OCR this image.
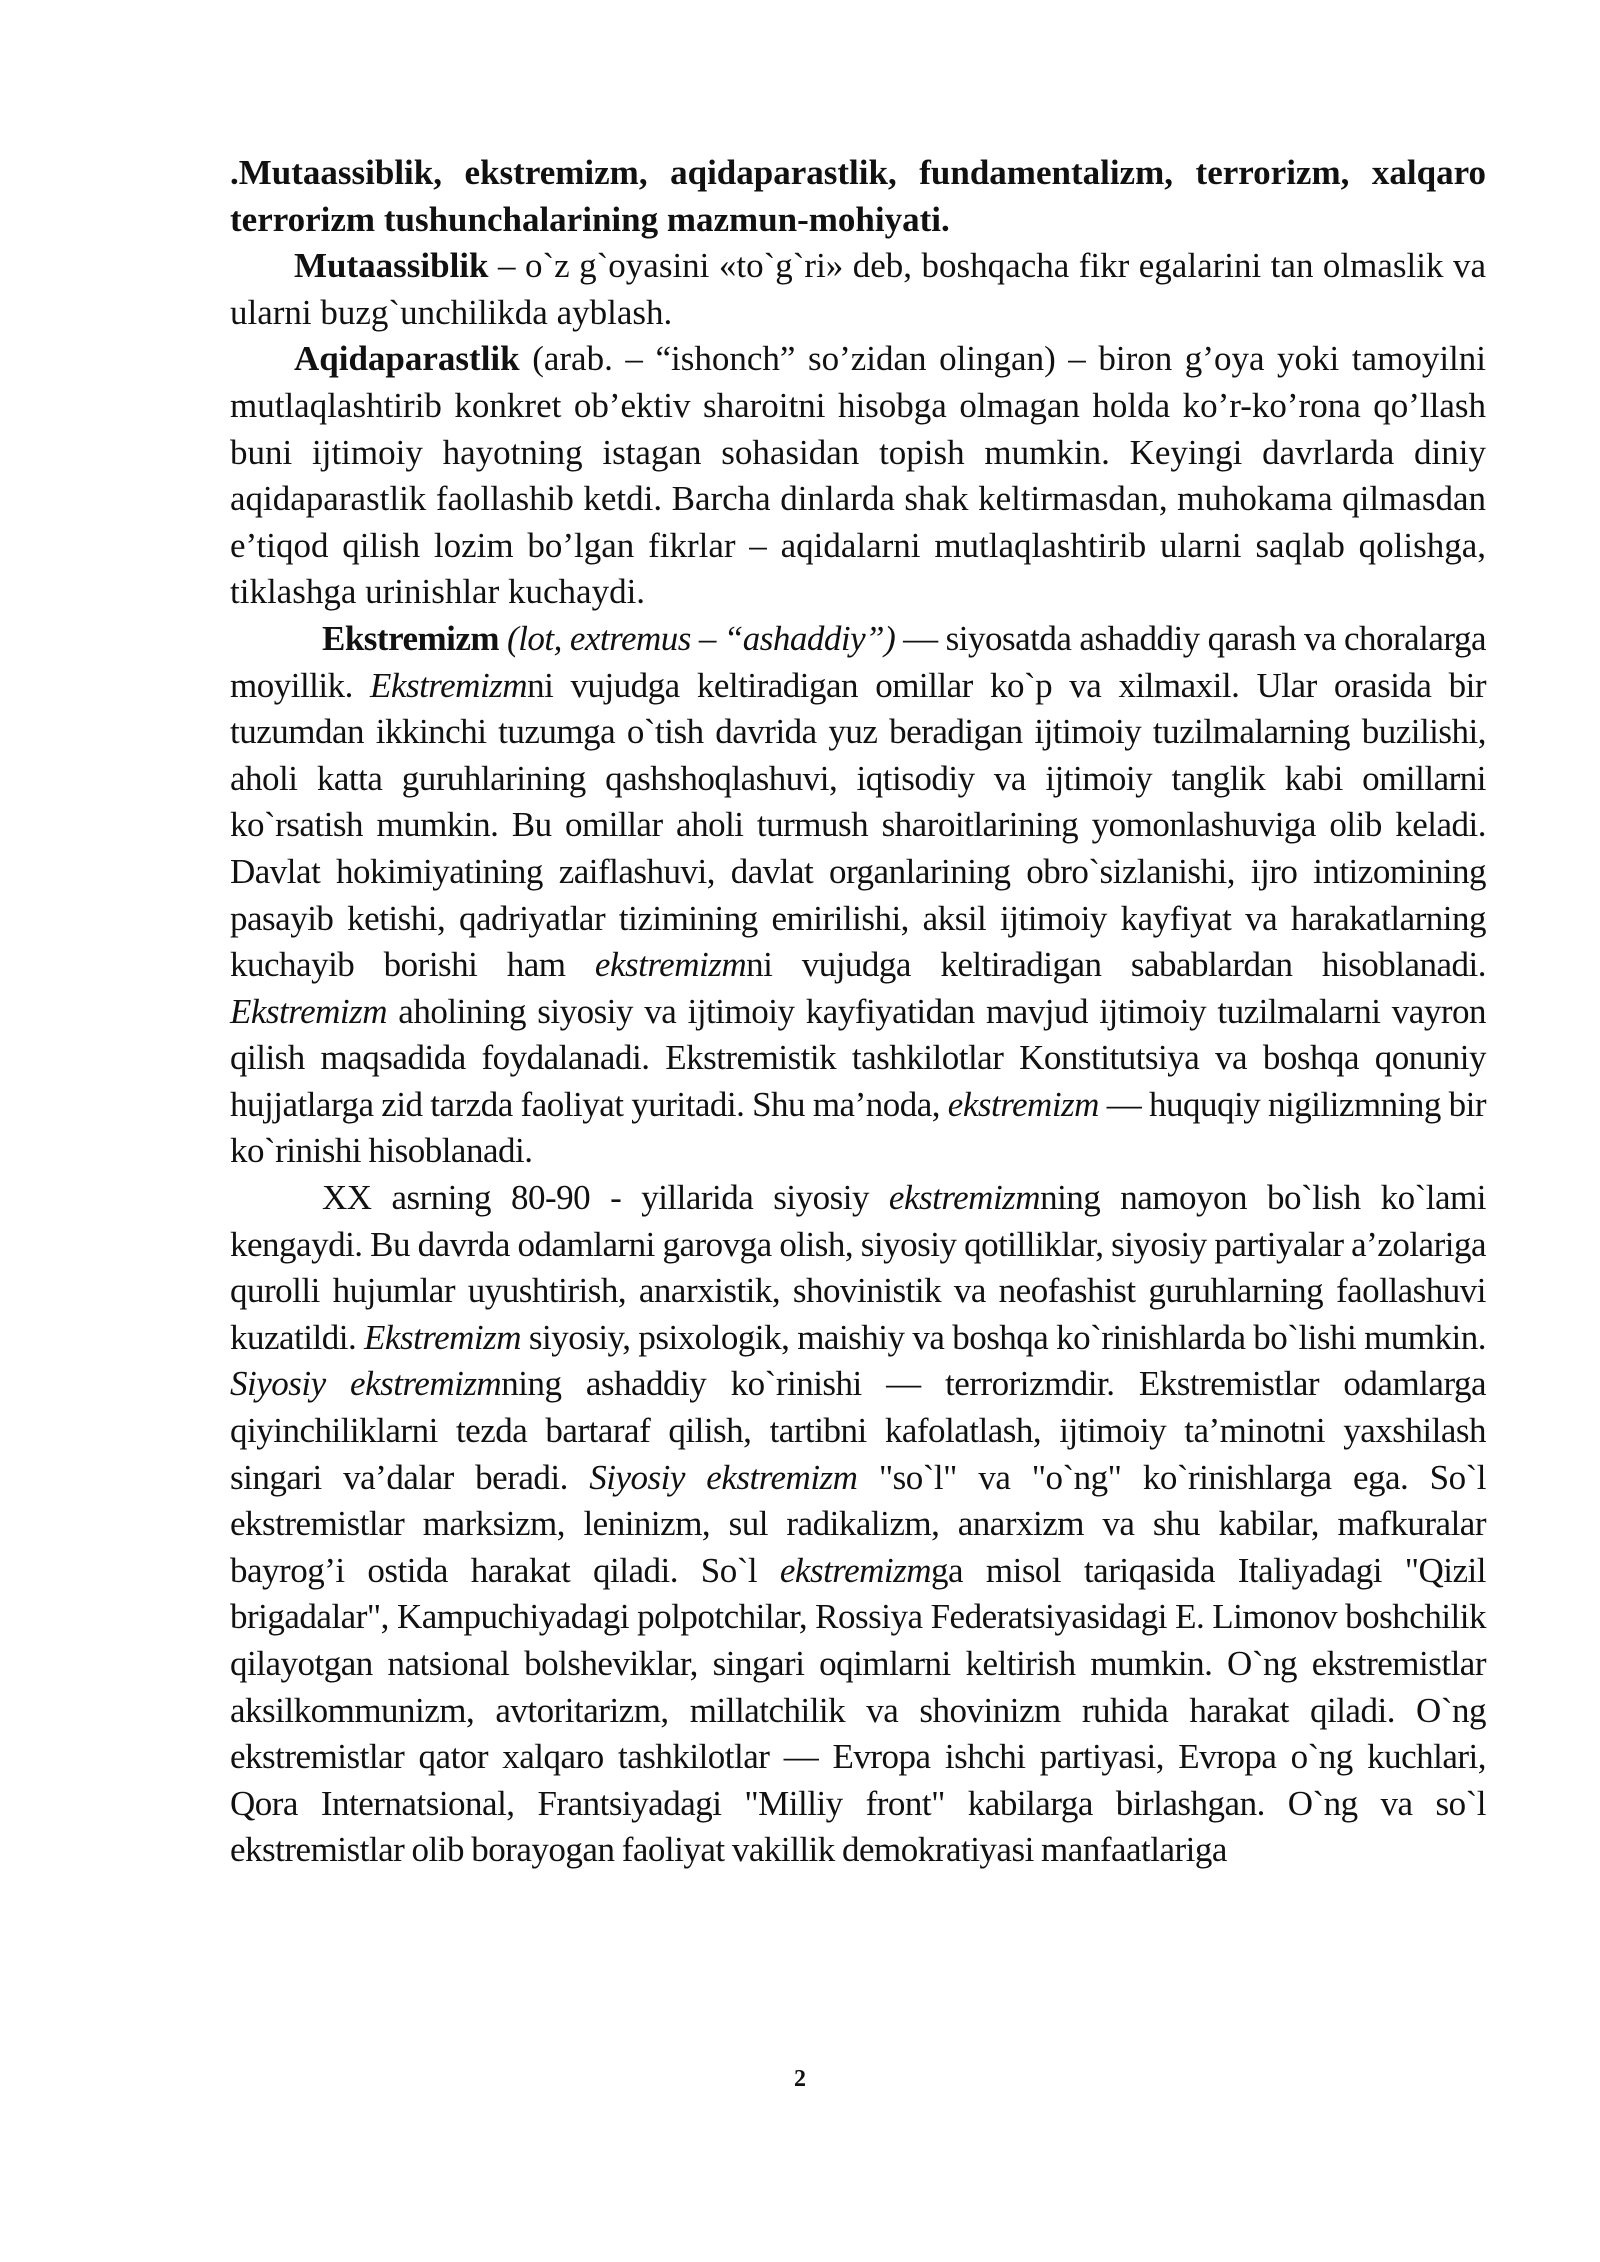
.Mutaassiblik, ekstremizm, aqidaparastlik, fundamentalizm, terrorizm, xalqaro terrorizm tushunchalarining mazmun-mohiyati.

Mutaassiblik – o`z g`oyasini «to`g`ri» deb, boshqacha fikr egalarini tan olmaslik va ularni buzg`unchilikda ayblash.

Aqidaparastlik (arab. – “ishonch” so’zidan olingan) – biron g’oya yoki tamoyilni mutlaqlashtirib konkret ob’ektiv sharoitni hisobga olmagan holda ko’r-ko’rona qo’llash buni ijtimoiy hayotning istagan sohasidan topish mumkin. Keyingi davrlarda diniy aqidaparastlik faollashib ketdi. Barcha dinlarda shak keltirmasdan, muhokama qilmasdan e’tiqod qilish lozim bo’lgan fikrlar – aqidalarni mutlaqlashtirib ularni saqlab qolishga, tiklashga urinishlar kuchaydi.

Ekstremizm (lot, extremus – “ashaddiy”) — siyosatda ashaddiy qarash va choralarga moyillik. Ekstremizmni vujudga keltiradigan omillar ko`p va xilmaxil. Ular orasida bir tuzumdan ikkinchi tuzumga o`tish davrida yuz beradigan ijtimoiy tuzilmalarning buzilishi, aholi katta guruhlarining qashshoqlashuvi, iqtisodiy va ijtimoiy tanglik kabi omillarni ko`rsatish mumkin. Bu omillar aholi turmush sharoitlarining yomonlashuviga olib keladi. Davlat hokimiyatining zaiflashuvi, davlat organlarining obro`sizlanishi, ijro intizomining pasayib ketishi, qadriyatlar tizimining emirilishi, aksil ijtimoiy kayfiyat va harakatlarning kuchayib borishi ham ekstremizmni vujudga keltiradigan sabablardan hisoblanadi. Ekstremizm aholining siyosiy va ijtimoiy kayfiyatidan mavjud ijtimoiy tuzilmalarni vayron qilish maqsadida foydalanadi. Ekstremistik tashkilotlar Konstitutsiya va boshqa qonuniy hujjatlarga zid tarzda faoliyat yuritadi. Shu ma’noda, ekstremizm — huquqiy nigilizmning bir ko`rinishi hisoblanadi.

XX asrning 80-90 - yillarida siyosiy ekstremizmning namoyon bo`lish ko`lami kengaydi. Bu davrda odamlarni garovga olish, siyosiy qotilliklar, siyosiy partiyalar a’zolariga qurolli hujumlar uyushtirish, anarxistik, shovinistik va neofashist guruhlarning faollashuvi kuzatildi. Ekstremizm siyosiy, psixologik, maishiy va boshqa ko`rinishlarda bo`lishi mumkin. Siyosiy ekstremizmning ashaddiy ko`rinishi — terrorizmdir. Ekstremistlar odamlarga qiyinchiliklarni tezda bartaraf qilish, tartibni kafolatlash, ijtimoiy ta’minotni yaxshilash singari va’dalar beradi. Siyosiy ekstremizm "so`l" va "o`ng" ko`rinishlarga ega. So`l ekstremistlar marksizm, leninizm, sul radikalizm, anarxizm va shu kabilar, mafkuralar bayrog’i ostida harakat qiladi. So`l ekstremizmga misol tariqasida Italiyadagi "Qizil brigadalar", Kampuchiyadagi polpotchilar, Rossiya Federatsiyasidagi E. Limonov boshchilik qilayotgan natsional bolsheviklar, singari oqimlarni keltirish mumkin. O`ng ekstremistlar aksilkommunizm, avtoritarizm, millatchilik va shovinizm ruhida harakat qiladi. O`ng ekstremistlar qator xalqaro tashkilotlar — Evropa ishchi partiyasi, Evropa o`ng kuchlari, Qora Internatsional, Frantsiyadagi "Milliy front" kabilarga birlashgan. O`ng va so`l ekstremistlar olib borayogan faoliyat vakillik demokratiyasi manfaatlariga

2
